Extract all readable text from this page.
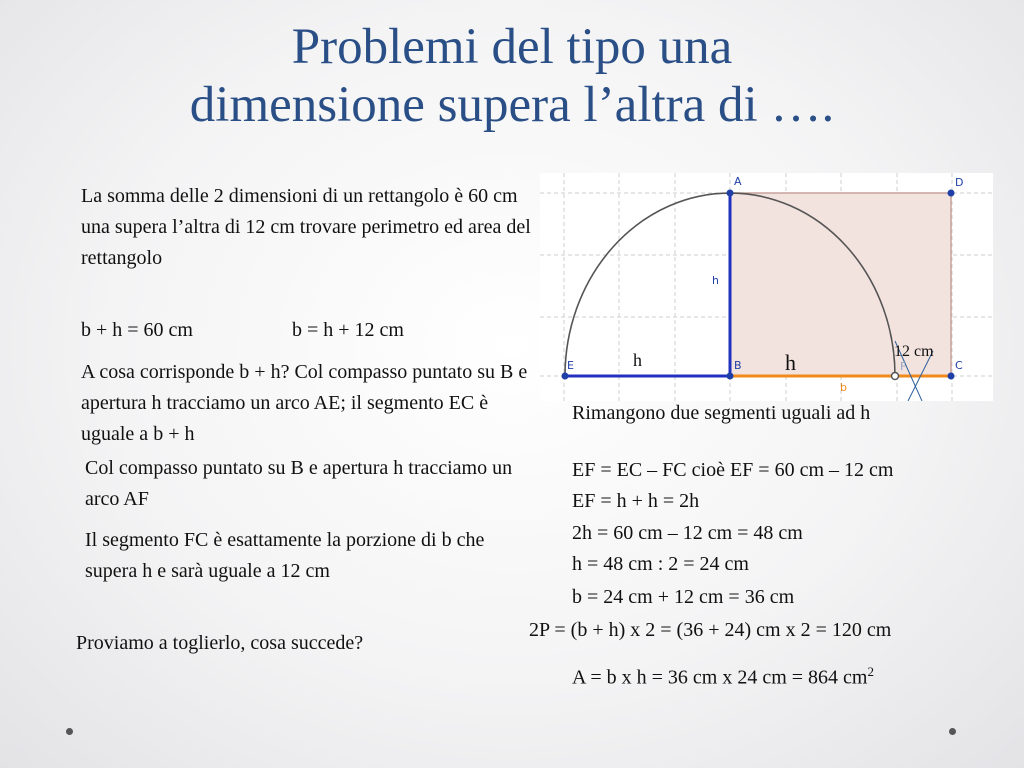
Problemi del tipo una
dimensione supera l’altra di ….

La somma delle 2 dimensioni di un rettangolo è 60 cm una supera l’altra di 12 cm trovare perimetro ed area del rettangolo

b + h = 60 cm	b = h + 12 cm

A cosa corrisponde b + h? Col compasso puntato su B e apertura h tracciamo un arco AE; il segmento EC è uguale a b + h

Col compasso puntato su B e apertura h tracciamo un arco AF

Il segmento FC è esattamente la porzione di b che supera h e sarà uguale a 12 cm

Proviamo a toglierlo, cosa succede?

A	D
E	B	C
h
F
b
h	h	12 cm

Rimangono due segmenti uguali ad h

EF = EC – FC cioè EF = 60 cm – 12 cm

EF = h + h = 2h

2h = 60 cm – 12 cm = 48 cm

h = 48 cm : 2 = 24 cm

b = 24 cm + 12 cm = 36 cm

2P = (b + h) x 2 = (36 + 24) cm x 2 = 120 cm

A = b x h = 36 cm x 24 cm = 864 $cm^2$
